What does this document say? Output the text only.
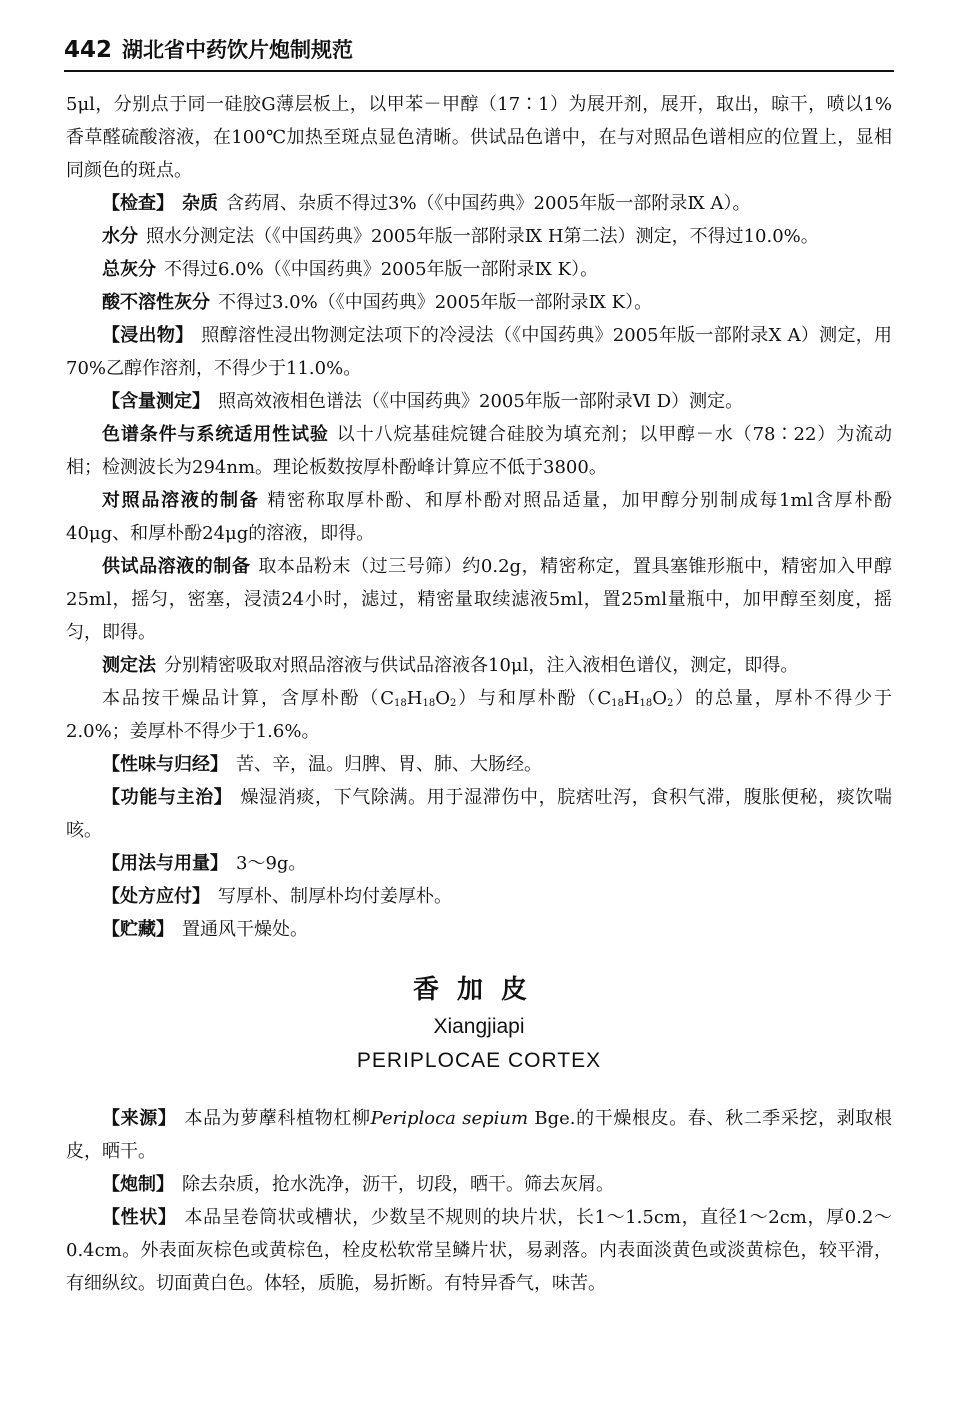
442 湖北省中药饮片炮制规范

5μl，分别点于同一硅胶G薄层板上，以甲苯－甲醇（17∶1）为展开剂，展开，取出，晾干，喷以1%香草醛硫酸溶液，在100℃加热至斑点显色清晰。供试品色谱中，在与对照品色谱相应的位置上，显相同颜色的斑点。

【检查】 杂质 含药屑、杂质不得过3%（《中国药典》2005年版一部附录Ⅸ A）。

水分 照水分测定法（《中国药典》2005年版一部附录Ⅸ H第二法）测定，不得过10.0%。

总灰分 不得过6.0%（《中国药典》2005年版一部附录Ⅸ K）。

酸不溶性灰分 不得过3.0%（《中国药典》2005年版一部附录Ⅸ K）。

【浸出物】 照醇溶性浸出物测定法项下的冷浸法（《中国药典》2005年版一部附录Ⅹ A）测定，用70%乙醇作溶剂，不得少于11.0%。

【含量测定】 照高效液相色谱法（《中国药典》2005年版一部附录Ⅵ D）测定。

色谱条件与系统适用性试验 以十八烷基硅烷键合硅胶为填充剂；以甲醇－水（78∶22）为流动相；检测波长为294nm。理论板数按厚朴酚峰计算应不低于3800。

对照品溶液的制备 精密称取厚朴酚、和厚朴酚对照品适量，加甲醇分别制成每1ml含厚朴酚40μg、和厚朴酚24μg的溶液，即得。

供试品溶液的制备 取本品粉末（过三号筛）约0.2g，精密称定，置具塞锥形瓶中，精密加入甲醇25ml，摇匀，密塞，浸渍24小时，滤过，精密量取续滤液5ml，置25ml量瓶中，加甲醇至刻度，摇匀，即得。

测定法 分别精密吸取对照品溶液与供试品溶液各10μl，注入液相色谱仪，测定，即得。

本品按干燥品计算，含厚朴酚$(C_{18}H_{18}O_2)$与和厚朴酚$(C_{18}H_{18}O_2)$的总量，厚朴不得少于2.0%；姜厚朴不得少于1.6%。

【性味与归经】 苦、辛，温。归脾、胃、肺、大肠经。

【功能与主治】 燥湿消痰，下气除满。用于湿滞伤中，脘痞吐泻，食积气滞，腹胀便秘，痰饮喘咳。

【用法与用量】 3～9g。

【处方应付】 写厚朴、制厚朴均付姜厚朴。

【贮藏】 置通风干燥处。

香加皮
Xiangjiapi
PERIPLOCAE CORTEX

【来源】 本品为萝藦科植物杠柳Periploca sepium Bge.的干燥根皮。春、秋二季采挖，剥取根皮，晒干。

【炮制】 除去杂质，抢水洗净，沥干，切段，晒干。筛去灰屑。

【性状】 本品呈卷筒状或槽状，少数呈不规则的块片状，长1～1.5cm，直径1～2cm，厚0.2～0.4cm。外表面灰棕色或黄棕色，栓皮松软常呈鳞片状，易剥落。内表面淡黄色或淡黄棕色，较平滑，有细纵纹。切面黄白色。体轻，质脆，易折断。有特异香气，味苦。
